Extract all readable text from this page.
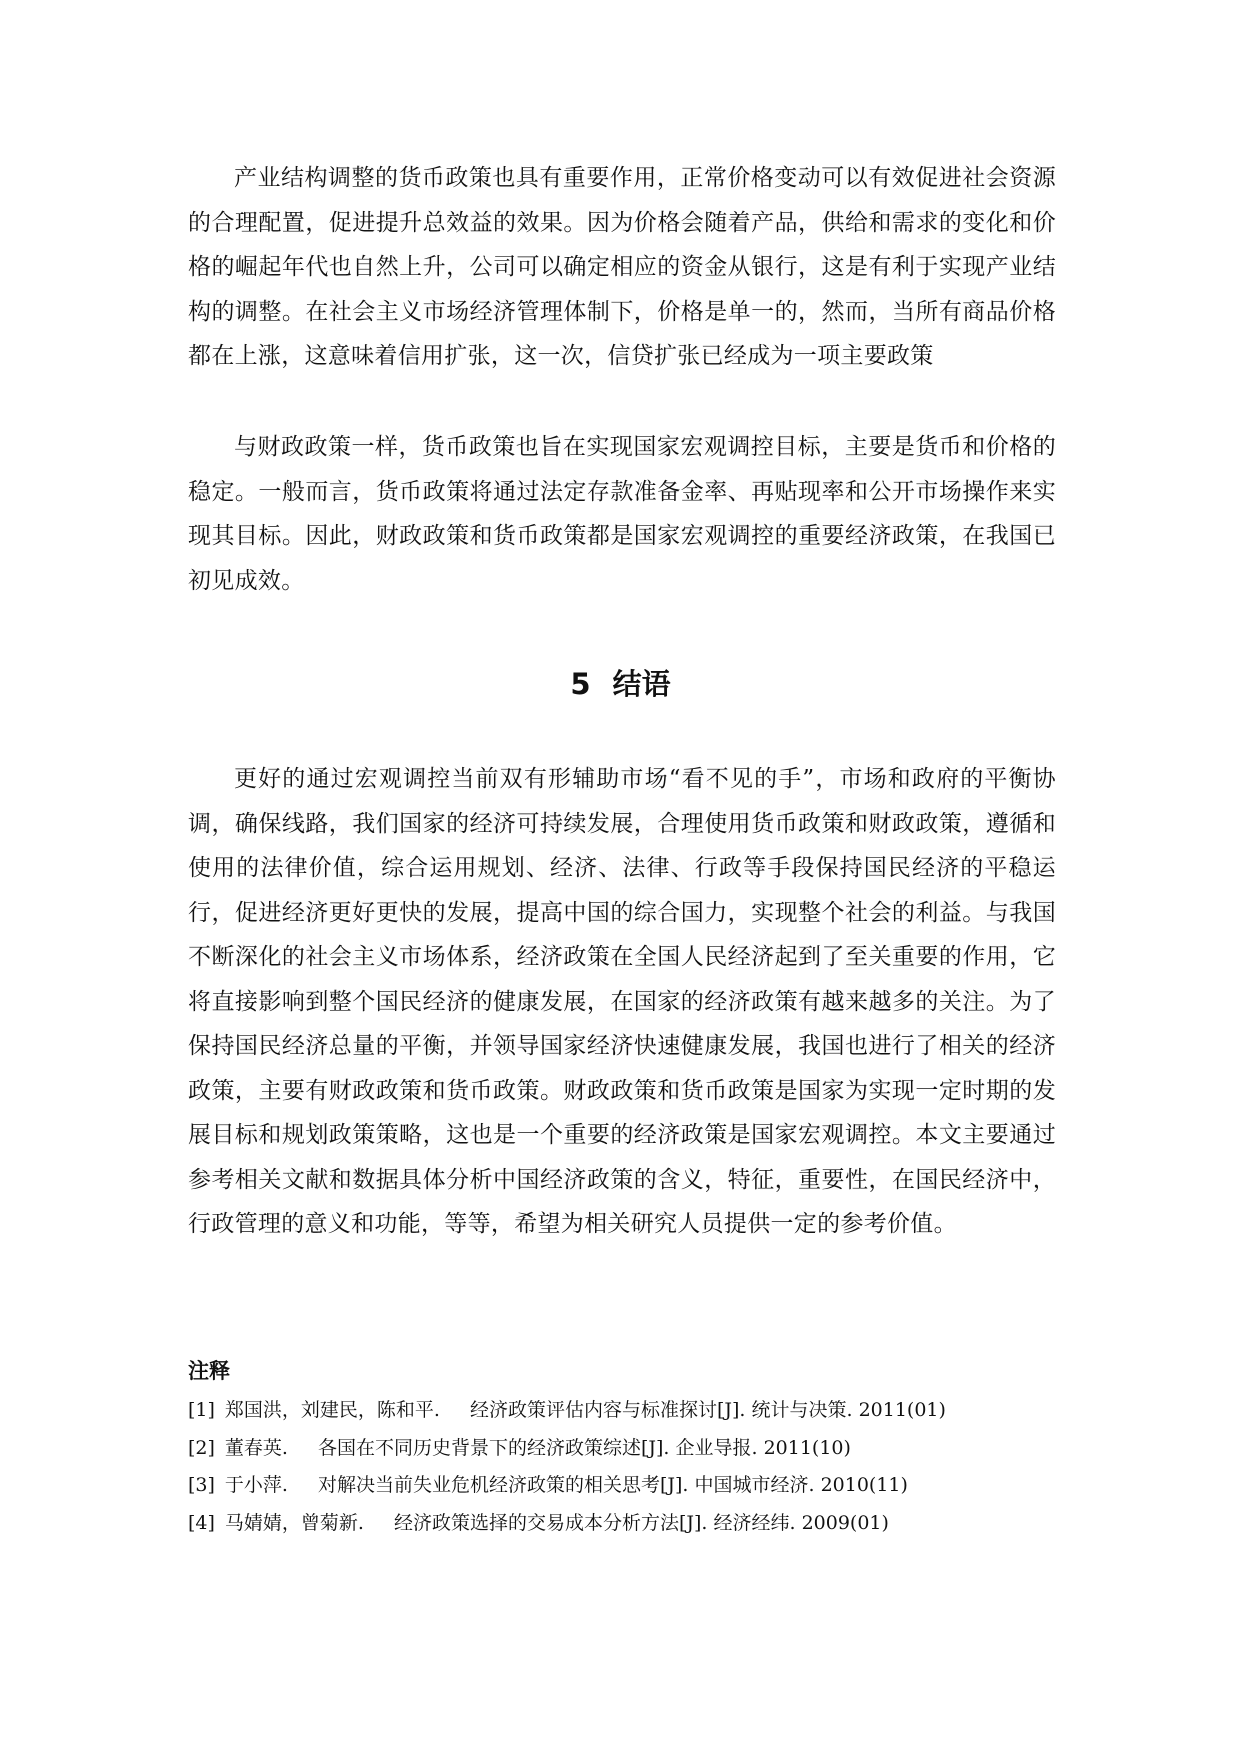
产业结构调整的货币政策也具有重要作用，正常价格变动可以有效促进社会资源的合理配置，促进提升总效益的效果。因为价格会随着产品，供给和需求的变化和价格的崛起年代也自然上升，公司可以确定相应的资金从银行，这是有利于实现产业结构的调整。在社会主义市场经济管理体制下，价格是单一的，然而，当所有商品价格都在上涨，这意味着信用扩张，这一次，信贷扩张已经成为一项主要政策

与财政政策一样，货币政策也旨在实现国家宏观调控目标，主要是货币和价格的稳定。一般而言，货币政策将通过法定存款准备金率、再贴现率和公开市场操作来实现其目标。因此，财政政策和货币政策都是国家宏观调控的重要经济政策，在我国已初见成效。

5 结语

更好的通过宏观调控当前双有形辅助市场“看不见的手”，市场和政府的平衡协调，确保线路，我们国家的经济可持续发展，合理使用货币政策和财政政策，遵循和使用的法律价值，综合运用规划、经济、法律、行政等手段保持国民经济的平稳运行，促进经济更好更快的发展，提高中国的综合国力，实现整个社会的利益。与我国不断深化的社会主义市场体系，经济政策在全国人民经济起到了至关重要的作用，它将直接影响到整个国民经济的健康发展，在国家的经济政策有越来越多的关注。为了保持国民经济总量的平衡，并领导国家经济快速健康发展，我国也进行了相关的经济政策，主要有财政政策和货币政策。财政政策和货币政策是国家为实现一定时期的发展目标和规划政策策略，这也是一个重要的经济政策是国家宏观调控。本文主要通过参考相关文献和数据具体分析中国经济政策的含义，特征，重要性，在国民经济中，行政管理的意义和功能，等等，希望为相关研究人员提供一定的参考价值。

注释
[1] 郑国洪，刘建民，陈和平. 经济政策评估内容与标准探讨[J]. 统计与决策. 2011(01)
[2] 董春英. 各国在不同历史背景下的经济政策综述[J]. 企业导报. 2011(10)
[3] 于小萍. 对解决当前失业危机经济政策的相关思考[J]. 中国城市经济. 2010(11)
[4] 马婧婧，曾菊新. 经济政策选择的交易成本分析方法[J]. 经济经纬. 2009(01)
